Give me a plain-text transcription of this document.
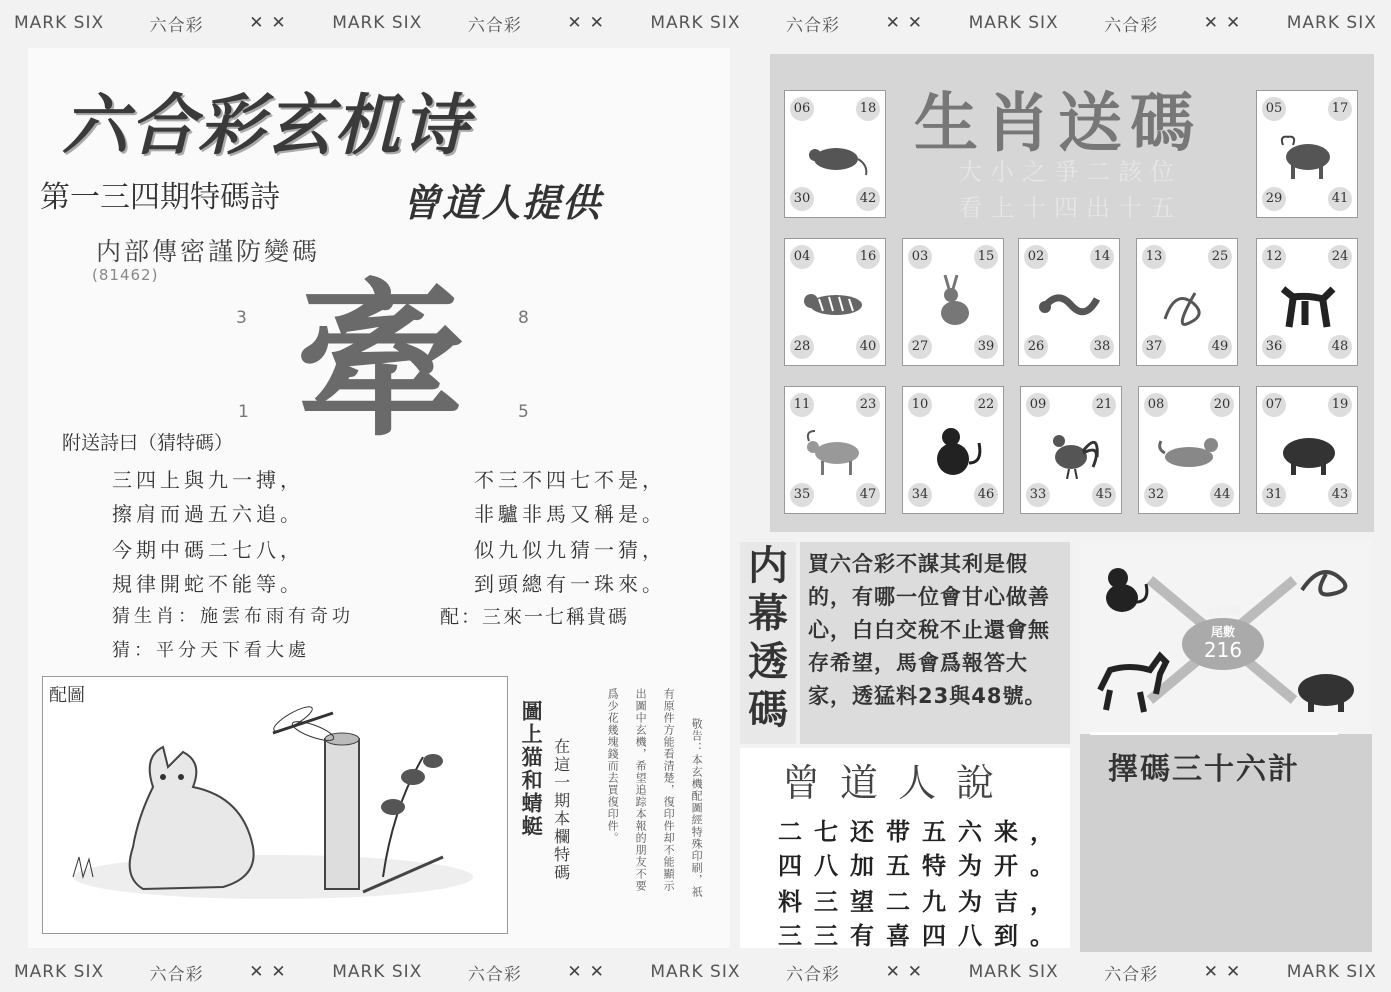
MARK SIX	六合彩	✕ ✕	MARK SIX	六合彩	✕ ✕	MARK SIX	六合彩	✕ ✕	MARK SIX	六合彩	✕ ✕	MARK SIX
六合彩玄机诗
第一三四期特碼詩	曾道人提供
内部傳密謹防變碼
(81462)
3	8
1	5
牽
附送詩曰（猜特碼）
三四上與九一搏，
擦肩而過五六追。
今期中碼二七八，
規律開蛇不能等。
猜生肖：施雲布雨有奇功
猜：平分天下看大處
不三不四七不是，
非驢非馬又稱是。
似九似九猜一猜，
到頭總有一珠來。
配：三來一七稱貴碼
配圖
圖上猫和蜻蜓 在這一期本欄特碼	敬告：本玄機配圖經特殊印刷，祇
有原件方能看清楚，復印件却不能顯示
出圖中玄機，希望追踪本報的朋友不要
爲少花幾塊錢而去買復印件。
生肖送碼
大小之爭二該位
看上十四出十五
06	18
30	42
05	17
29	41
04	16
28	40
03	15
27	39
02	14
26	38
13	25
37	49
12	24
36	48
11	23
35	47
10	22
34	46
09	21
33	45
08	20
32	44
07	19
31	43
内
幕
透
碼
買六合彩不謀其利是假的，有哪一位會甘心做善心，白白交稅不止還會無存希望，馬會爲報答大家，透猛料23與48號。
曾道人說
二七还带五六来，
四八加五特为开。
料三望二九为吉，
三三有喜四八到。
生肖尾碼
尾數
216
擇碼三十六計
MARK SIX	六合彩	✕ ✕	MARK SIX	六合彩	✕ ✕	MARK SIX	六合彩	✕ ✕	MARK SIX	六合彩	✕ ✕	MARK SIX
